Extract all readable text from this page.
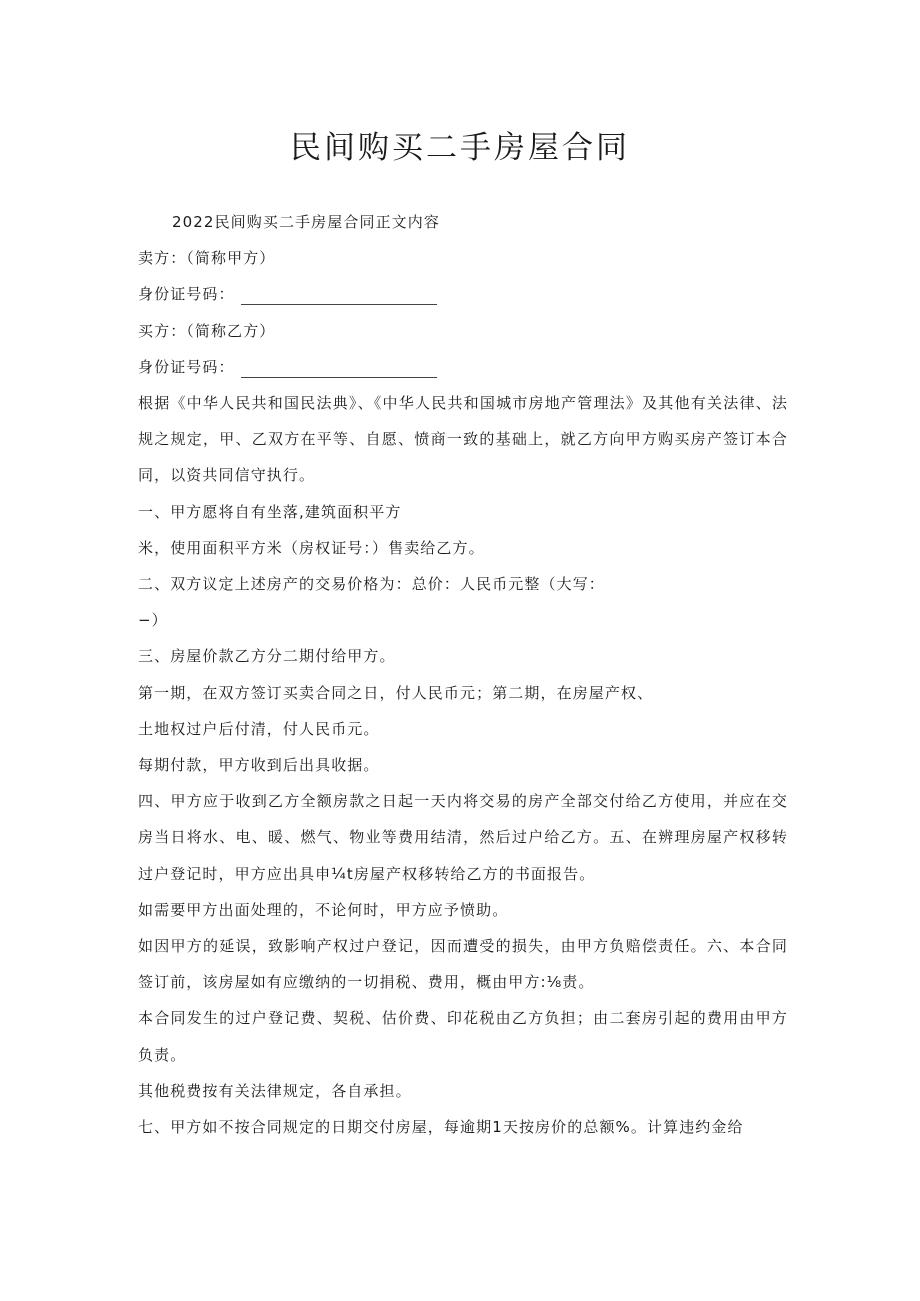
民间购买二手房屋合同

2022民间购买二手房屋合同正文内容

卖方：（简称甲方）

身份证号码：

买方：（简称乙方）

身份证号码：

根据《中华人民共和国民法典》、《中华人民共和国城市房地产管理法》及其他有关法律、法规之规定，甲、乙双方在平等、自愿、愤商一致的基础上，就乙方向甲方购买房产签订本合同，以资共同信守执行。

一、甲方愿将自有坐落,建筑面积平方

米，使用面积平方米（房权证号：）售卖给乙方。

二、双方议定上述房产的交易价格为：总价：人民币元整（大写：

−）

三、房屋价款乙方分二期付给甲方。

第一期，在双方签订买卖合同之日，付人民币元；第二期，在房屋产权、

土地权过户后付清，付人民币元。

每期付款，甲方收到后出具收据。

四、甲方应于收到乙方全额房款之日起一天内将交易的房产全部交付给乙方使用，并应在交房当日将水、电、暖、燃气、物业等费用结清，然后过户给乙方。五、在辨理房屋产权移转过户登记时，甲方应出具申¼t房屋产权移转给乙方的书面报告。

如需要甲方出面处理的，不论何时，甲方应予愤助。

如因甲方的延误，致影响产权过户登记，因而遭受的损失，由甲方负赔偿责任。六、本合同签订前，该房屋如有应缴纳的一切捐税、费用，概由甲方:⅛责。

本合同发生的过户登记费、契税、估价费、印花税由乙方负担；由二套房引起的费用由甲方负责。

其他税费按有关法律规定，各自承担。

七、甲方如不按合同规定的日期交付房屋，每逾期1天按房价的总额%。计算违约金给
